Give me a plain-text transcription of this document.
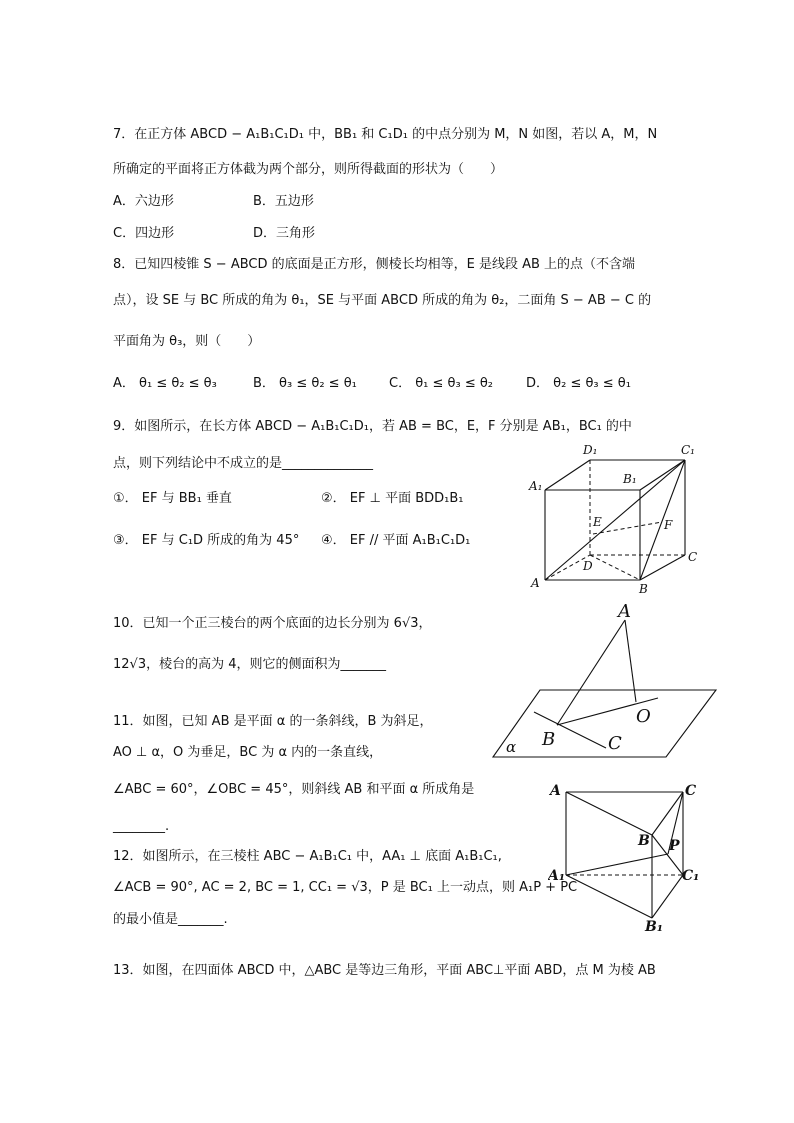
7．在正方体 ABCD − A₁B₁C₁D₁ 中，BB₁ 和 C₁D₁ 的中点分别为 M，N 如图，若以 A，M，N
所确定的平面将正方体截为两个部分，则所得截面的形状为（　　）
A．六边形	B．五边形
C．四边形	D．三角形
8．已知四棱锥 S − ABCD 的底面是正方形，侧棱长均相等，E 是线段 AB 上的点（不含端
点），设 SE 与 BC 所成的角为 θ₁，SE 与平面 ABCD 所成的角为 θ₂，二面角 S − AB − C 的
平面角为 θ₃，则（　　）
A． θ₁ ≤ θ₂ ≤ θ₃	B． θ₃ ≤ θ₂ ≤ θ₁ C． θ₁ ≤ θ₃ ≤ θ₂	D． θ₂ ≤ θ₃ ≤ θ₁
9．如图所示，在长方体 ABCD − A₁B₁C₁D₁，若 AB = BC，E，F 分别是 AB₁，BC₁ 的中
点，则下列结论中不成立的是______________
①． EF 与 BB₁ 垂直	②． EF ⊥ 平面 BDD₁B₁
③． EF 与 C₁D 所成的角为 45° ④． EF // 平面 A₁B₁C₁D₁
D₁	C₁
B₁
A₁
E	F
D
C
A	B
10．已知一个正三棱台的两个底面的边长分别为 6√3，
12√3，棱台的高为 4，则它的侧面积为_______
A
O
B	C
α
11．如图，已知 AB 是平面 α 的一条斜线，B 为斜足，
AO ⊥ α，O 为垂足，BC 为 α 内的一条直线，
∠ABC = 60°，∠OBC = 45°，则斜线 AB 和平面 α 所成角是
________.
A	C
B P
A₁	C₁
B₁
12．如图所示，在三棱柱 ABC − A₁B₁C₁ 中，AA₁ ⊥ 底面 A₁B₁C₁,
∠ACB = 90°, AC = 2, BC = 1, CC₁ = √3，P 是 BC₁ 上一动点，则 A₁P + PC
的最小值是_______.
13．如图，在四面体 ABCD 中，△ABC 是等边三角形，平面 ABC⊥平面 ABD，点 M 为棱 AB
